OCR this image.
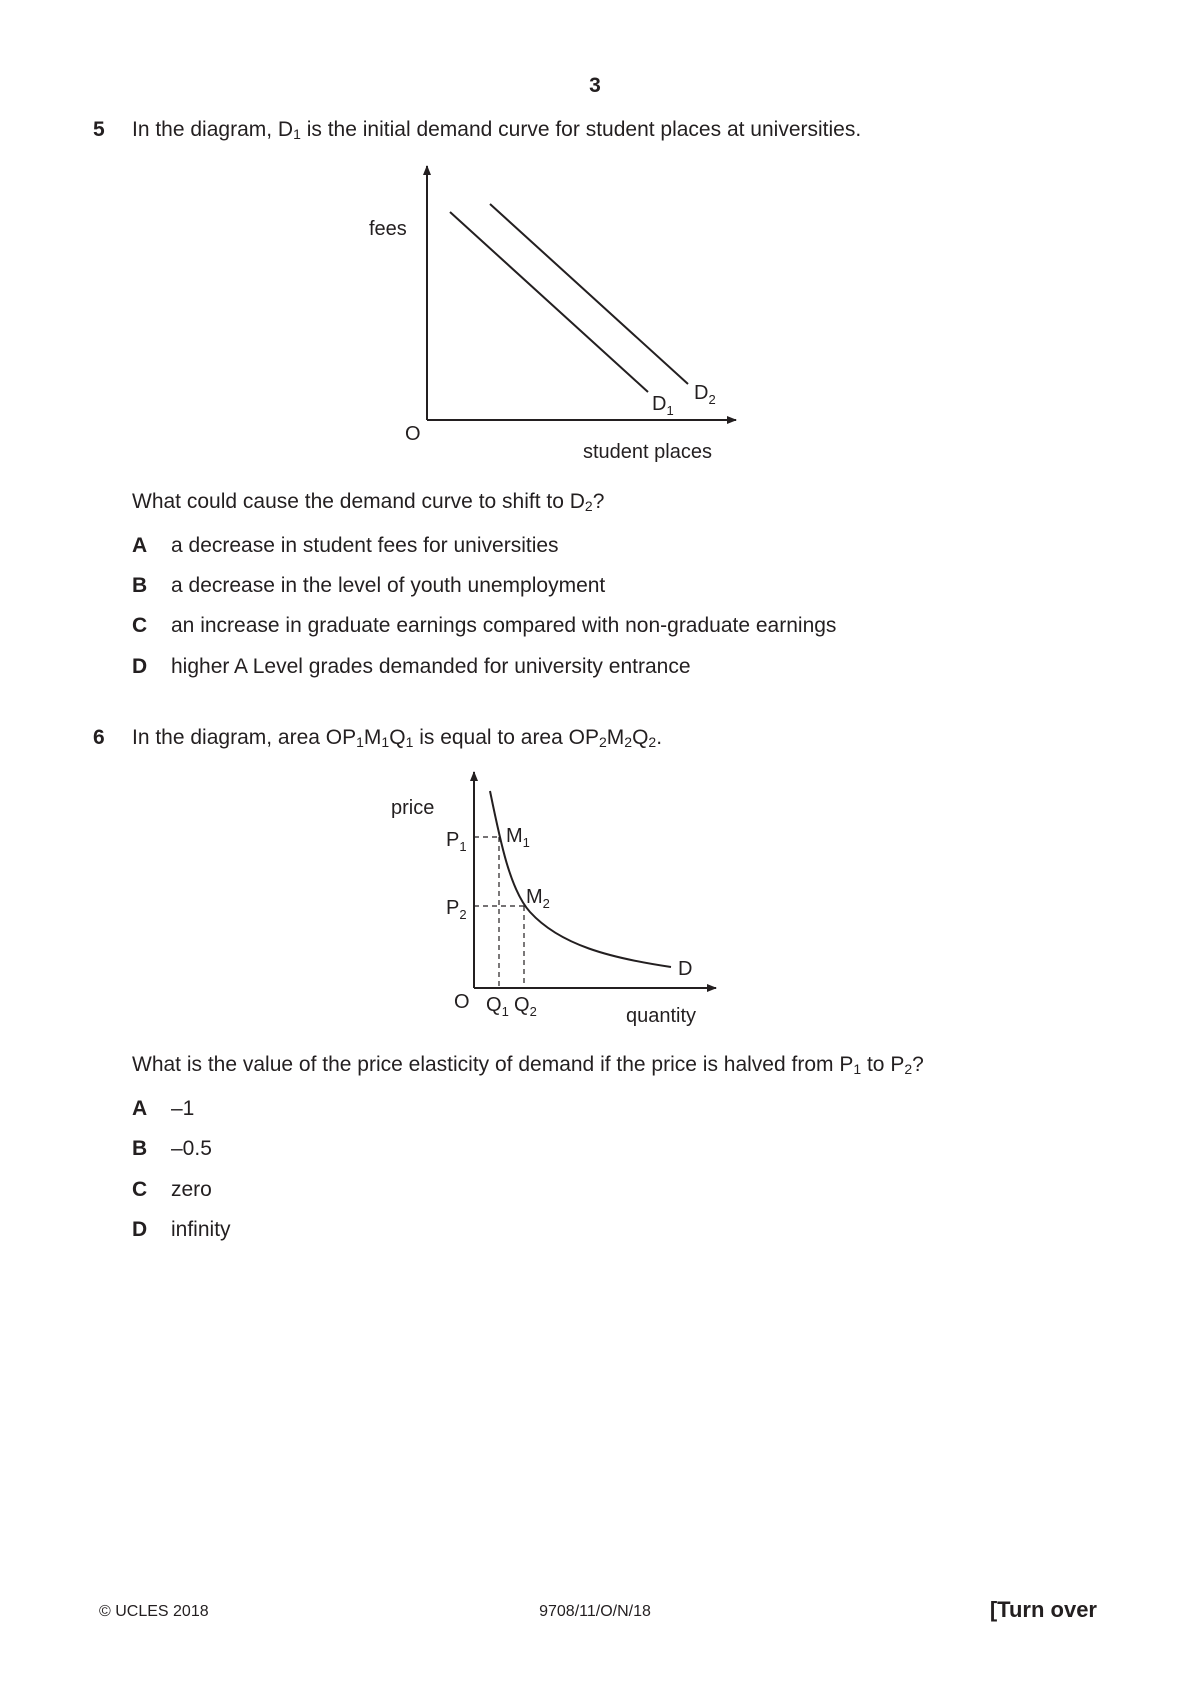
3
5 In the diagram, $D_1$ is the initial demand curve for student places at universities.
fees
student places
O
$D_1$
$D_2$
What could cause the demand curve to shift to $D_2$?
A a decrease in student fees for universities
B a decrease in the level of youth unemployment
C an increase in graduate earnings compared with non-graduate earnings
D higher A Level grades demanded for university entrance
6 In the diagram, area $OP_1M_1Q_1$ is equal to area $OP_2M_2Q_2$.
price
quantity
O
D
$P_1$
$P_2$
$M_1$
$M_2$
$Q_1$ $Q_2$
What is the value of the price elasticity of demand if the price is halved from $P_1$ to $P_2$?
A –1
B –0.5
C zero
D infinity
© UCLES 2018	9708/11/O/N/18	[Turn over
